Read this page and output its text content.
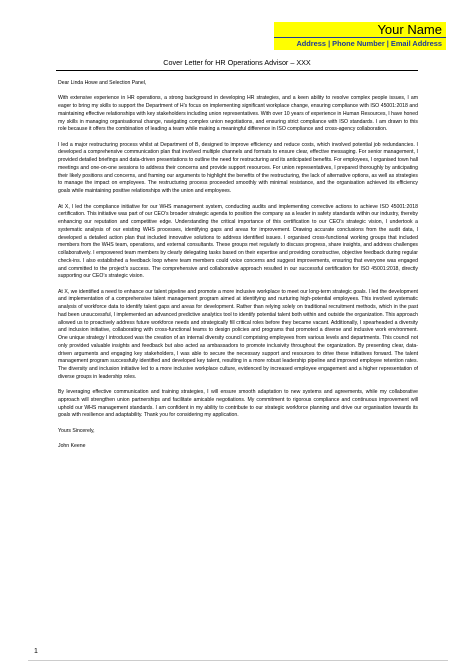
Your Name
Address | Phone Number | Email Address
Cover Letter for HR Operations Advisor – XXX

Dear Linda Howe and Selection Panel,

With extensive experience in HR operations, a strong background in developing HR strategies, and a keen ability to resolve complex people issues, I am eager to bring my skills to support the Department of H’s focus on implementing significant workplace change, ensuring compliance with ISO 45001:2018 and maintaining effective relationships with key stakeholders including union representatives. With over 10 years of experience in Human Resources, I have honed my skills in managing organisational change, navigating complex union negotiations, and ensuring strict compliance with ISO standards. I am drawn to this role because it offers the combination of leading a team while making a meaningful difference in ISO compliance and cross-agency collaboration.

I led a major restructuring process whilst at Department of B, designed to improve efficiency and reduce costs, which involved potential job redundancies. I developed a comprehensive communication plan that involved multiple channels and formats to ensure clear, effective messaging. For senior management, I provided detailed briefings and data-driven presentations to outline the need for restructuring and its anticipated benefits. For employees, I organised town hall meetings and one-on-one sessions to address their concerns and provide support resources. For union representatives, I prepared thoroughly by anticipating their likely positions and concerns, and framing our arguments to highlight the benefits of the restructuring, the lack of alternative options, as well as strategies to manage the impact on employees. The restructuring process proceeded smoothly with minimal resistance, and the organisation achieved its efficiency goals while maintaining positive relationships with the union and employees.

At X, I led the compliance initiative for our WHS management system, conducting audits and implementing corrective actions to achieve ISO 45001:2018 certification. This initiative was part of our CEO’s broader strategic agenda to position the company as a leader in safety standards within our industry, thereby enhancing our reputation and competitive edge. Understanding the critical importance of this certification to our CEO’s strategic vision, I undertook a systematic analysis of our existing WHS processes, identifying gaps and areas for improvement. Drawing accurate conclusions from the audit data, I developed a detailed action plan that included innovative solutions to address identified issues. I organised cross-functional working groups that included members from the WHS team, operations, and external consultants. These groups met regularly to discuss progress, share insights, and address challenges collaboratively. I empowered team members by clearly delegating tasks based on their expertise and providing constructive, objective feedback during regular check-ins. I also established a feedback loop where team members could voice concerns and suggest improvements, ensuring that everyone was engaged and committed to the project’s success. The comprehensive and collaborative approach resulted in our successful certification for ISO 45001:2018, directly supporting our CEO’s strategic vision.

At X, we identified a need to enhance our talent pipeline and promote a more inclusive workplace to meet our long-term strategic goals. I led the development and implementation of a comprehensive talent management program aimed at identifying and nurturing high-potential employees. This involved systematic analysis of workforce data to identify talent gaps and areas for development. Rather than relying solely on traditional recruitment methods, which in the past had been unsuccessful, I implemented an advanced predictive analytics tool to identify potential talent both within and outside the organization. This approach allowed us to proactively address future workforce needs and strategically fill critical roles before they became vacant. Additionally, I spearheaded a diversity and inclusion initiative, collaborating with cross-functional teams to design policies and programs that promoted a diverse and inclusive work environment. One unique strategy I introduced was the creation of an internal diversity council comprising employees from various levels and departments. This council not only provided valuable insights and feedback but also acted as ambassadors to promote inclusivity throughout the organization. By presenting clear, data-driven arguments and engaging key stakeholders, I was able to secure the necessary support and resources to drive these initiatives forward. The talent management program successfully identified and developed key talent, resulting in a more robust leadership pipeline and improved employee retention rates. The diversity and inclusion initiative led to a more inclusive workplace culture, evidenced by increased employee engagement and a higher representation of diverse groups in leadership roles.

By leveraging effective communication and training strategies, I will ensure smooth adaptation to new systems and agreements, while my collaborative approach will strengthen union partnerships and facilitate amicable negotiations. My commitment to rigorous compliance and continuous improvement will uphold our WHS management standards. I am confident in my ability to contribute to our strategic workforce planning and drive our organisation towards its goals with resilience and adaptability. Thank you for considering my application.

Yours Sincerely,

John Keene

1
